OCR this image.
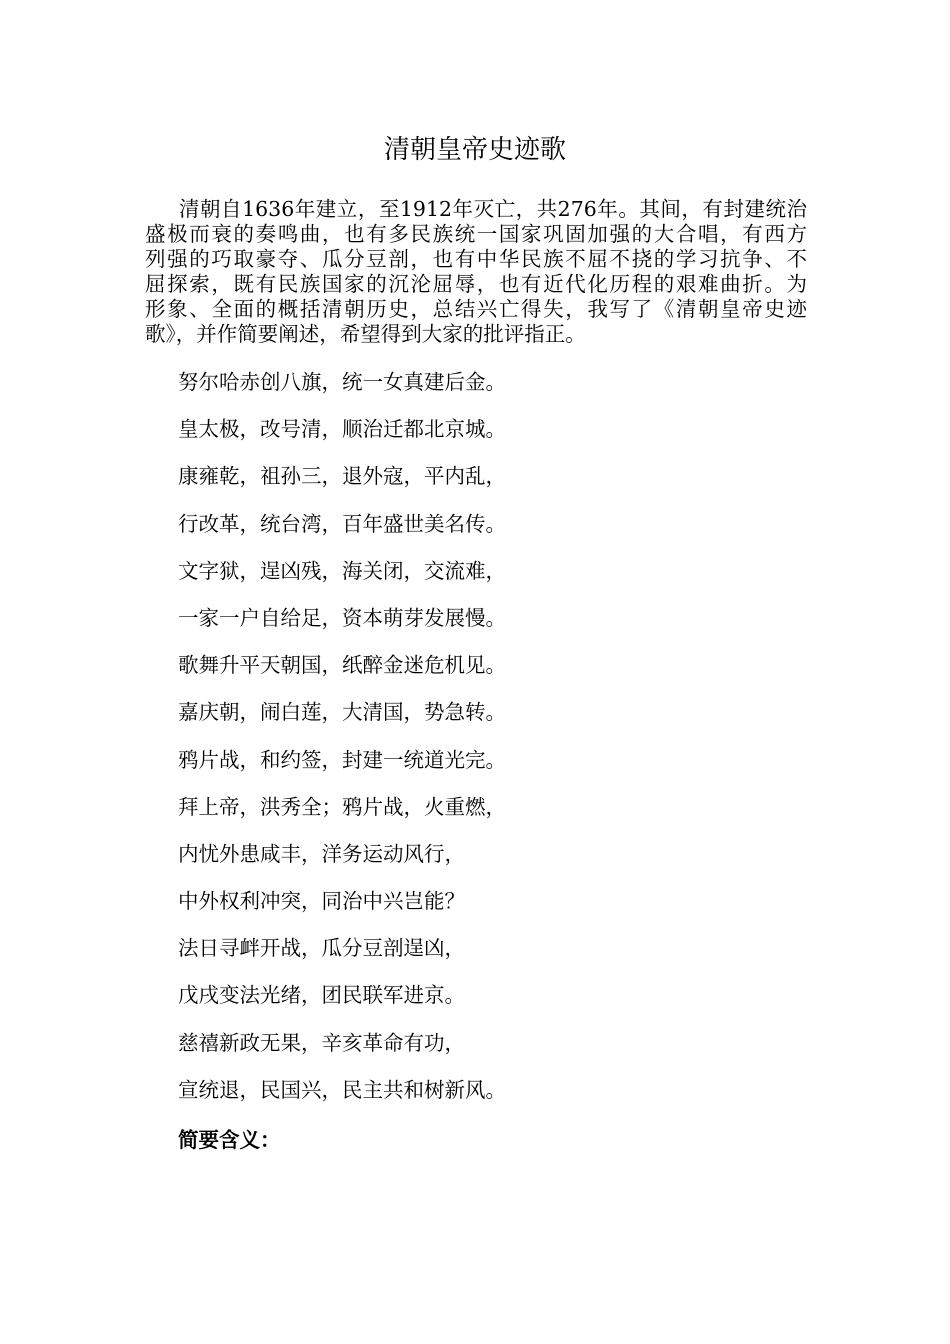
清朝皇帝史迹歌
清朝自1636年建立，至1912年灭亡，共276年。其间，有封建统治
盛极而衰的奏鸣曲，也有多民族统一国家巩固加强的大合唱，有西方
列强的巧取豪夺、瓜分豆剖，也有中华民族不屈不挠的学习抗争、不
屈探索，既有民族国家的沉沦屈辱，也有近代化历程的艰难曲折。为
形象、全面的概括清朝历史，总结兴亡得失，我写了《清朝皇帝史迹
歌》，并作简要阐述，希望得到大家的批评指正。
努尔哈赤创八旗，统一女真建后金。
皇太极，改号清，顺治迁都北京城。
康雍乾，祖孙三，退外寇，平内乱，
行改革，统台湾，百年盛世美名传。
文字狱，逞凶残，海关闭，交流难，
一家一户自给足，资本萌芽发展慢。
歌舞升平天朝国，纸醉金迷危机见。
嘉庆朝，闹白莲，大清国，势急转。
鸦片战，和约签，封建一统道光完。
拜上帝，洪秀全；鸦片战，火重燃，
内忧外患咸丰，洋务运动风行，
中外权利冲突，同治中兴岂能？
法日寻衅开战，瓜分豆剖逞凶，
戊戌变法光绪，团民联军进京。
慈禧新政无果，辛亥革命有功，
宣统退，民国兴，民主共和树新风。
简要含义：
